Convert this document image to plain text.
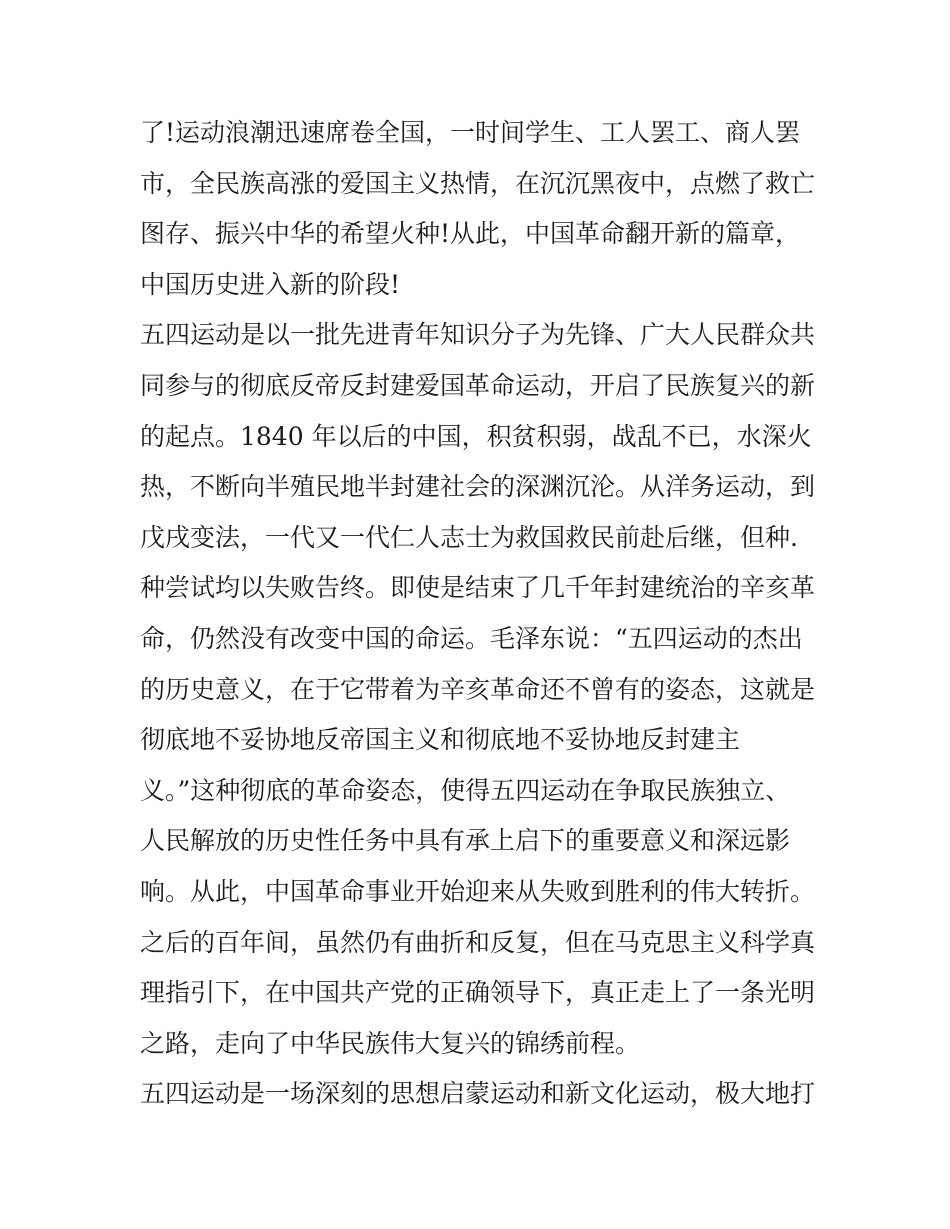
了!运动浪潮迅速席卷全国，一时间学生、工人罢工、商人罢
市，全民族高涨的爱国主义热情，在沉沉黑夜中，点燃了救亡
图存、振兴中华的希望火种!从此，中国革命翻开新的篇章，
中国历史进入新的阶段!
五四运动是以一批先进青年知识分子为先锋、广大人民群众共
同参与的彻底反帝反封建爱国革命运动，开启了民族复兴的新
的起点。1840 年以后的中国，积贫积弱，战乱不已，水深火
热，不断向半殖民地半封建社会的深渊沉沦。从洋务运动，到
戊戌变法，一代又一代仁人志士为救国救民前赴后继，但种.
种尝试均以失败告终。即使是结束了几千年封建统治的辛亥革
命，仍然没有改变中国的命运。毛泽东说：“五四运动的杰出
的历史意义，在于它带着为辛亥革命还不曾有的姿态，这就是
彻底地不妥协地反帝国主义和彻底地不妥协地反封建主
义。”这种彻底的革命姿态，使得五四运动在争取民族独立、
人民解放的历史性任务中具有承上启下的重要意义和深远影
响。从此，中国革命事业开始迎来从失败到胜利的伟大转折。
之后的百年间，虽然仍有曲折和反复，但在马克思主义科学真
理指引下，在中国共产党的正确领导下，真正走上了一条光明
之路，走向了中华民族伟大复兴的锦绣前程。
五四运动是一场深刻的思想启蒙运动和新文化运动，极大地打
